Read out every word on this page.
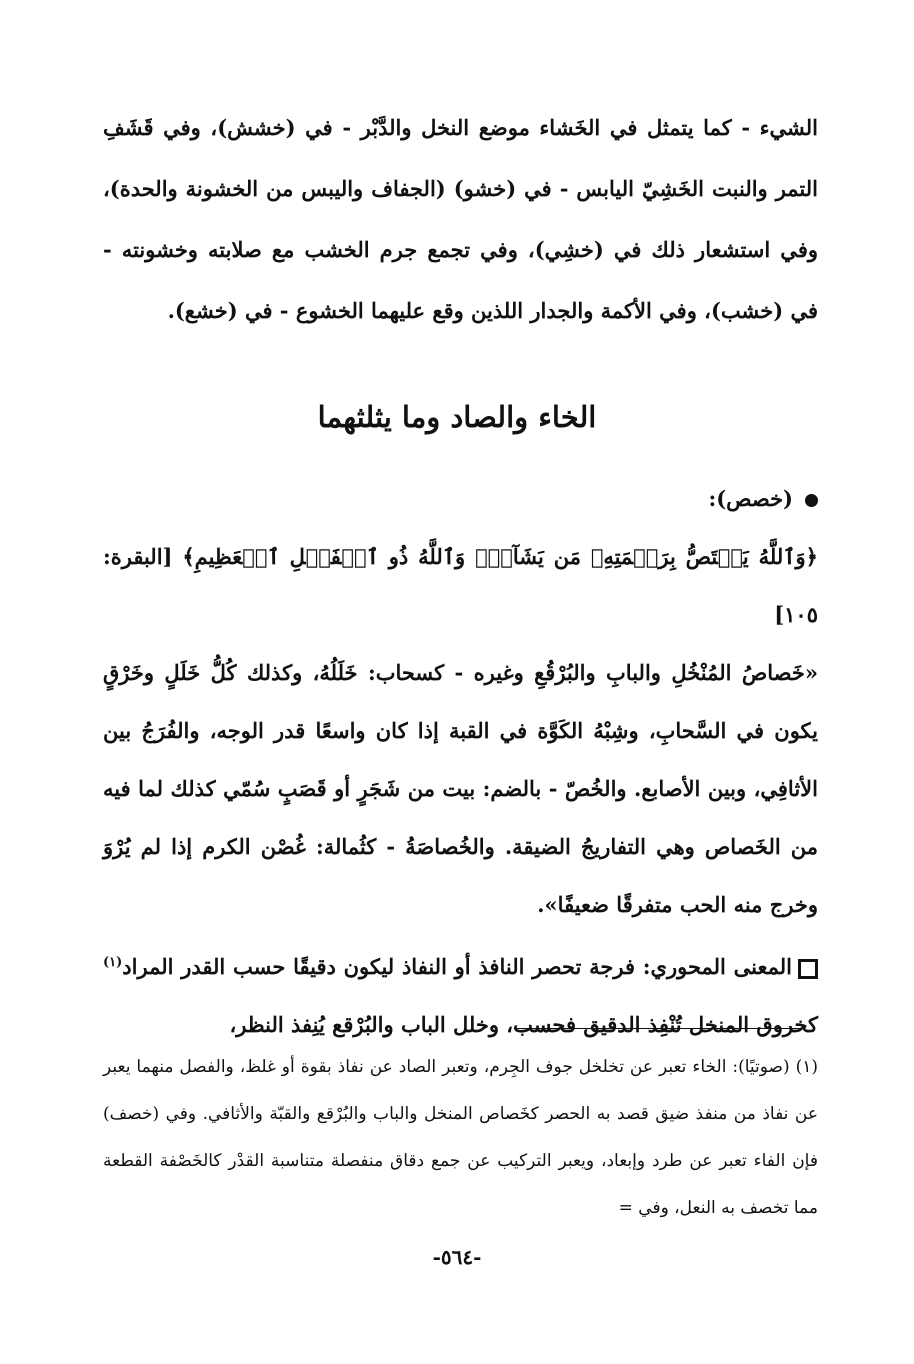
الشيء - كما يتمثل في الخَشاء موضع النخل والدَّبْر - في (خشش)، وفي قَشَفِ التمر والنبت الخَشِيّ اليابس - في (خشو) (الجفاف واليبس من الخشونة والحدة)، وفي استشعار ذلك في (خشِي)، وفي تجمع جرم الخشب مع صلابته وخشونته - في (خشب)، وفي الأكمة والجدار اللذين وقع عليهما الخشوع - في (خشع).

الخاء والصاد وما يثلثهما

(خصص):

﴿وَٱللَّهُ يَخۡتَصُّ بِرَحۡمَتِهِۦ مَن يَشَآءُۗ وَٱللَّهُ ذُو ٱلۡفَضۡلِ ٱلۡعَظِيمِ﴾ [البقرة: ١٠٥]

«خَصاصُ المُنْخُلِ والبابِ والبُرْقُعِ وغيره - كسحاب: خَلَلُهُ، وكذلك كُلُّ خَلَلٍ وخَرْقٍ يكون في السَّحابِ، وشِبْهُ الكَوَّة في القبة إذا كان واسعًا قدر الوجه، والفُرَجُ بين الأثافِي، وبين الأصابع. والخُصّ - بالضم: بيت من شَجَرٍ أو قَصَبٍ سُمّي كذلك لما فيه من الخَصاص وهي التفاريجُ الضيقة. والخُصاصَةُ - كثُمالة: غُصْن الكرم إذا لم يُرْوَ وخرج منه الحب متفرقًا ضعيفًا».

المعنى المحوري: فرجة تحصر النافذ أو النفاذ ليكون دقيقًا حسب القدر المراد$^{(١)}$ كخروق المنخل تُنْفِذ الدقيق فحسب، وخلل الباب والبُرْقع يُنِفذ النظر،

(١) (صوتيًا): الخاء تعبر عن تخلخل جوف الجِرم، وتعبر الصاد عن نفاذ بقوة أو غلظ، والفصل منهما يعبر عن نفاذ من منفذ ضيق قصد به الحصر كخَصاص المنخل والباب والبُرْقع والقبّة والأثافي. وفي (خصف) فإن الفاء تعبر عن طرد وإبعاد، ويعبر التركيب عن جمع دقاق منفصلة متناسبة القدْر كالخَصْفة القطعة مما تخصف به النعل، وفي =

-٥٦٤-
